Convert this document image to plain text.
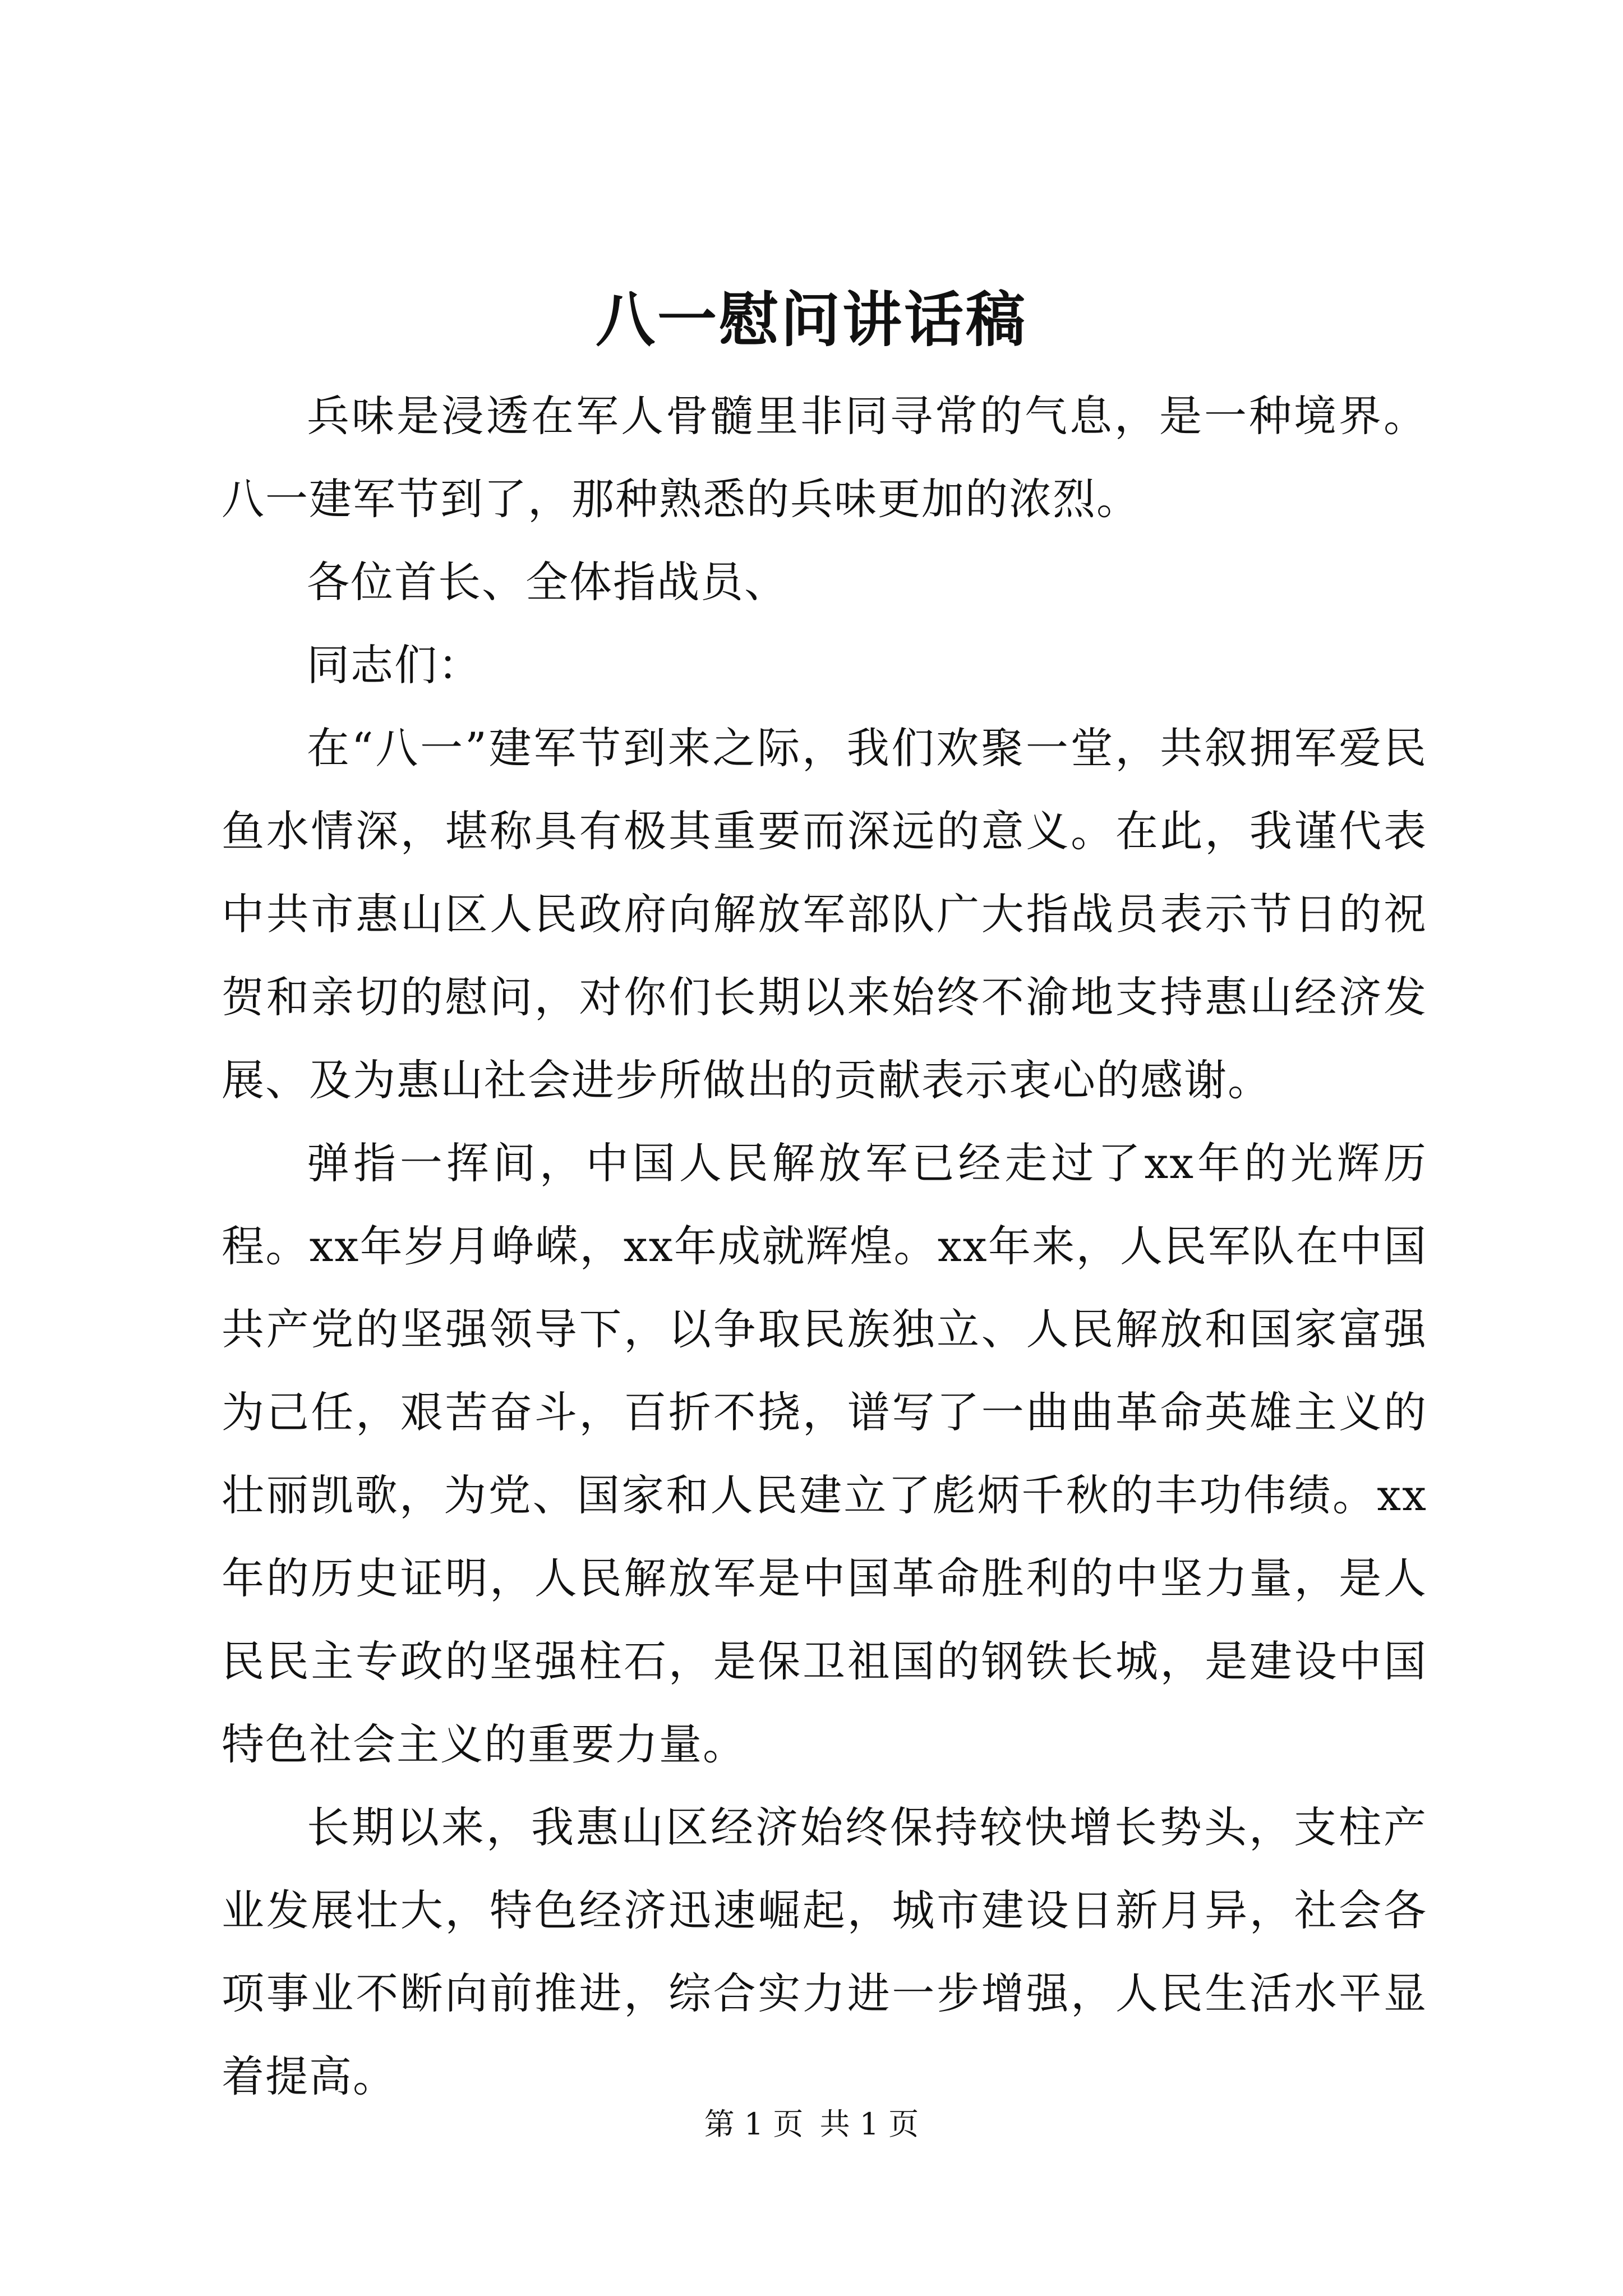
八一慰问讲话稿

兵味是浸透在军人骨髓里非同寻常的气息，是一种境界。八一建军节到了，那种熟悉的兵味更加的浓烈。

各位首长、全体指战员、

同志们：

在“八一”建军节到来之际，我们欢聚一堂，共叙拥军爱民鱼水情深，堪称具有极其重要而深远的意义。在此，我谨代表中共市惠山区人民政府向解放军部队广大指战员表示节日的祝贺和亲切的慰问，对你们长期以来始终不渝地支持惠山经济发展、及为惠山社会进步所做出的贡献表示衷心的感谢。

弹指一挥间，中国人民解放军已经走过了xx年的光辉历程。xx年岁月峥嵘，xx年成就辉煌。xx年来，人民军队在中国共产党的坚强领导下，以争取民族独立、人民解放和国家富强为己任，艰苦奋斗，百折不挠，谱写了一曲曲革命英雄主义的壮丽凯歌，为党、国家和人民建立了彪炳千秋的丰功伟绩。xx年的历史证明，人民解放军是中国革命胜利的中坚力量，是人民民主专政的坚强柱石，是保卫祖国的钢铁长城，是建设中国特色社会主义的重要力量。

长期以来，我惠山区经济始终保持较快增长势头，支柱产业发展壮大，特色经济迅速崛起，城市建设日新月异，社会各项事业不断向前推进，综合实力进一步增强，人民生活水平显着提高。

第 1 页 共 1 页
